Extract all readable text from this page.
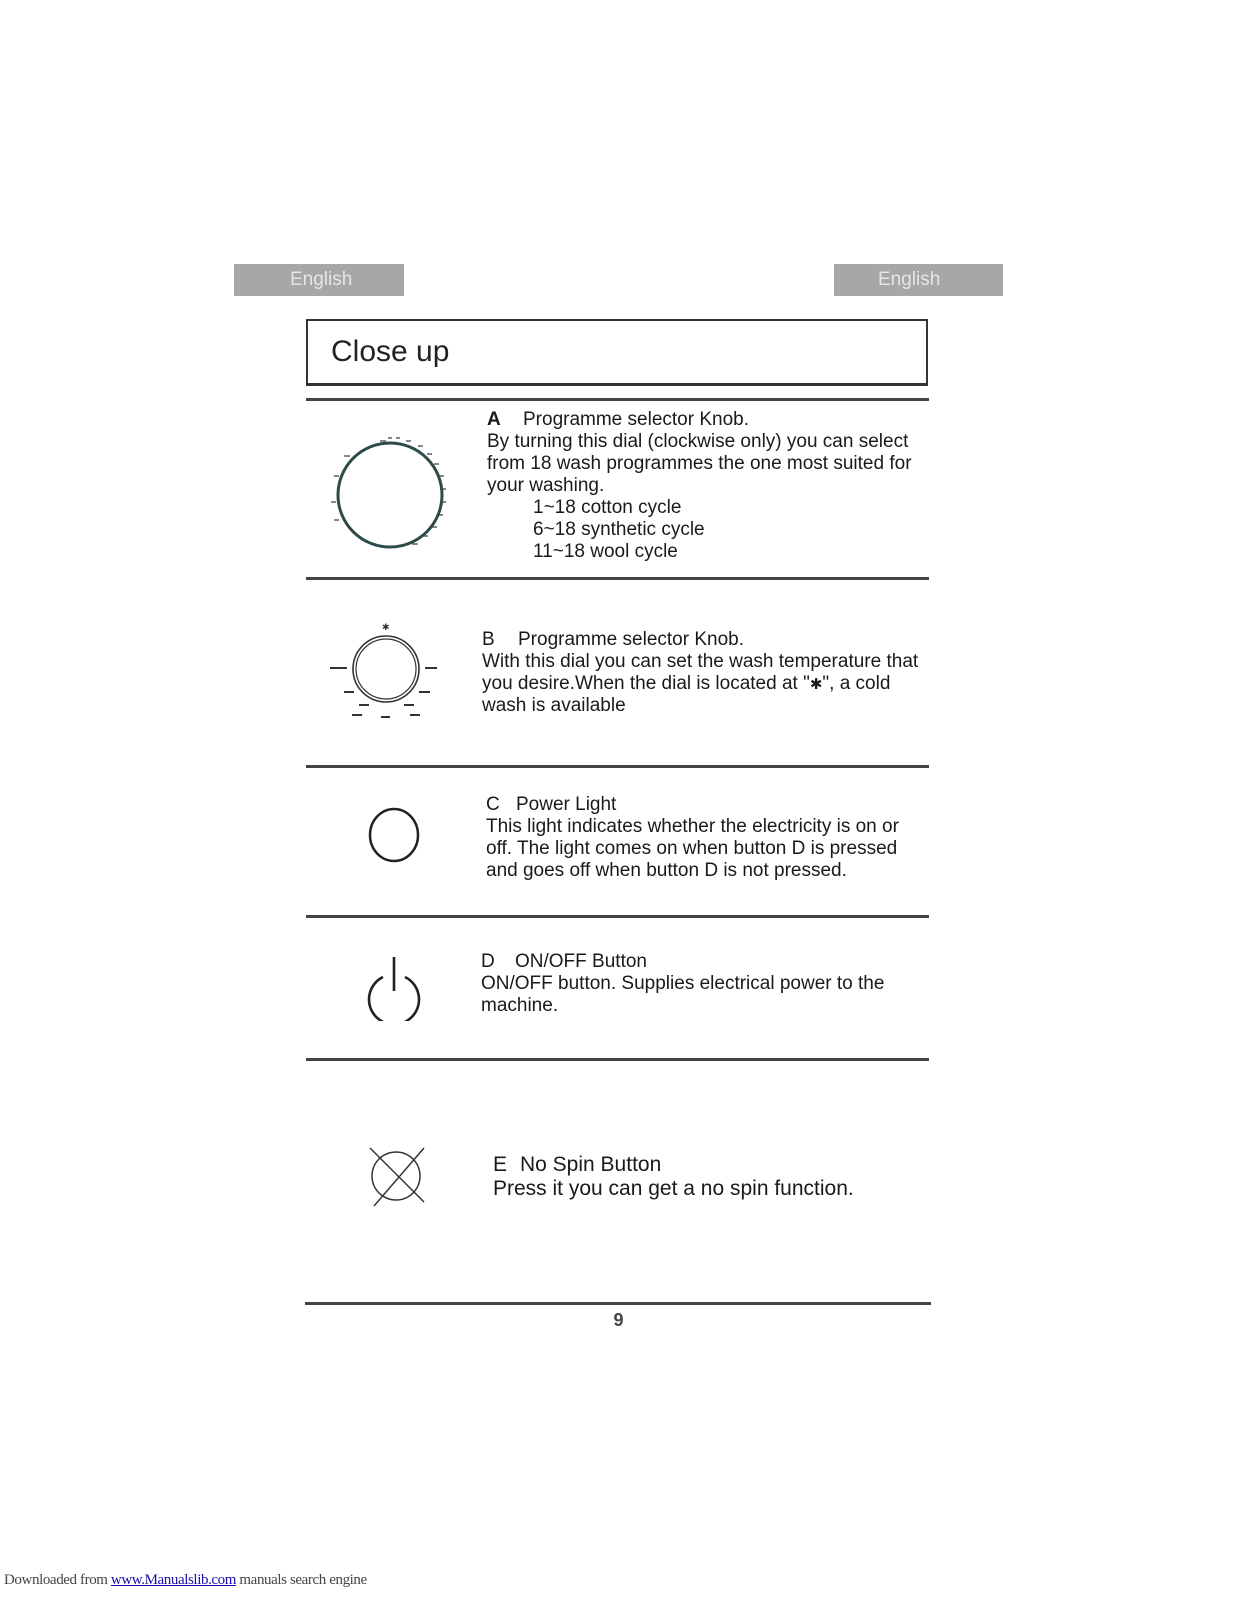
English	English
Close up
A Programme selector Knob.
By turning this dial (clockwise only) you can select from 18 wash programmes the one most suited for your washing.
1~18 cotton cycle
6~18 synthetic cycle
11~18 wool cycle
✱
B Programme selector Knob.
With this dial you can set the wash temperature that you desire.When the dial is located at "✱", a cold wash is available
C Power Light
This light indicates whether the electricity is on or off. The light comes on when button D is pressed and goes off when button D is not pressed.
D ON/OFF Button
ON/OFF button. Supplies electrical power to the machine.
E No Spin Button
Press it you can get a no spin function.
9
Downloaded from www.Manualslib.com manuals search engine
